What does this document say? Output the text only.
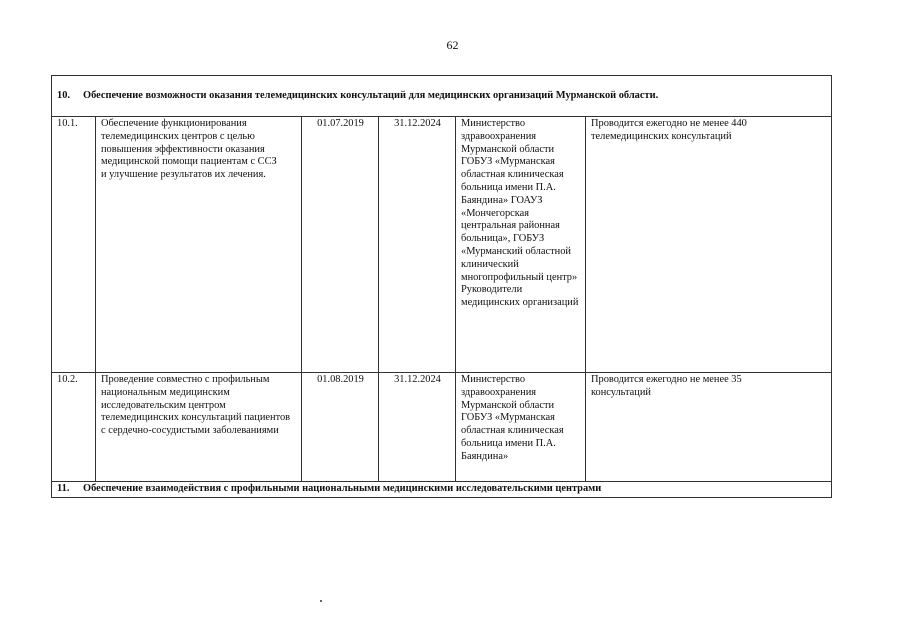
62
10. Обеспечение возможности оказания телемедицинских консультаций для медицинских организаций Мурманской области.					
10.1.	Обеспечение функционирования телемедицинских центров с целью повышения эффективности оказания медицинской помощи пациентам с ССЗ и улучшение результатов их лечения.	01.07.2019	31.12.2024	Министерство здравоохранения Мурманской области ГОБУЗ «Мурманская областная клиническая больница имени П.А. Баяндина» ГОАУЗ «Мончегорская центральная районная больница», ГОБУЗ «Мурманский областной клинический многопрофильный центр» Руководители медицинских организаций	Проводится ежегодно не менее 440 телемедицинских консультаций

10.2.	Проведение совместно с профильным национальным медицинским исследовательским центром телемедицинских консультаций пациентов с сердечно-сосудистыми заболеваниями	01.08.2019	31.12.2024	Министерство здравоохранения Мурманской области ГОБУЗ «Мурманская областная клиническая больница имени П.А. Баяндина»	Проводится ежегодно не менее 35 консультаций

11. Обеспечение взаимодействия с профильными национальными медицинскими исследовательскими центрами					
